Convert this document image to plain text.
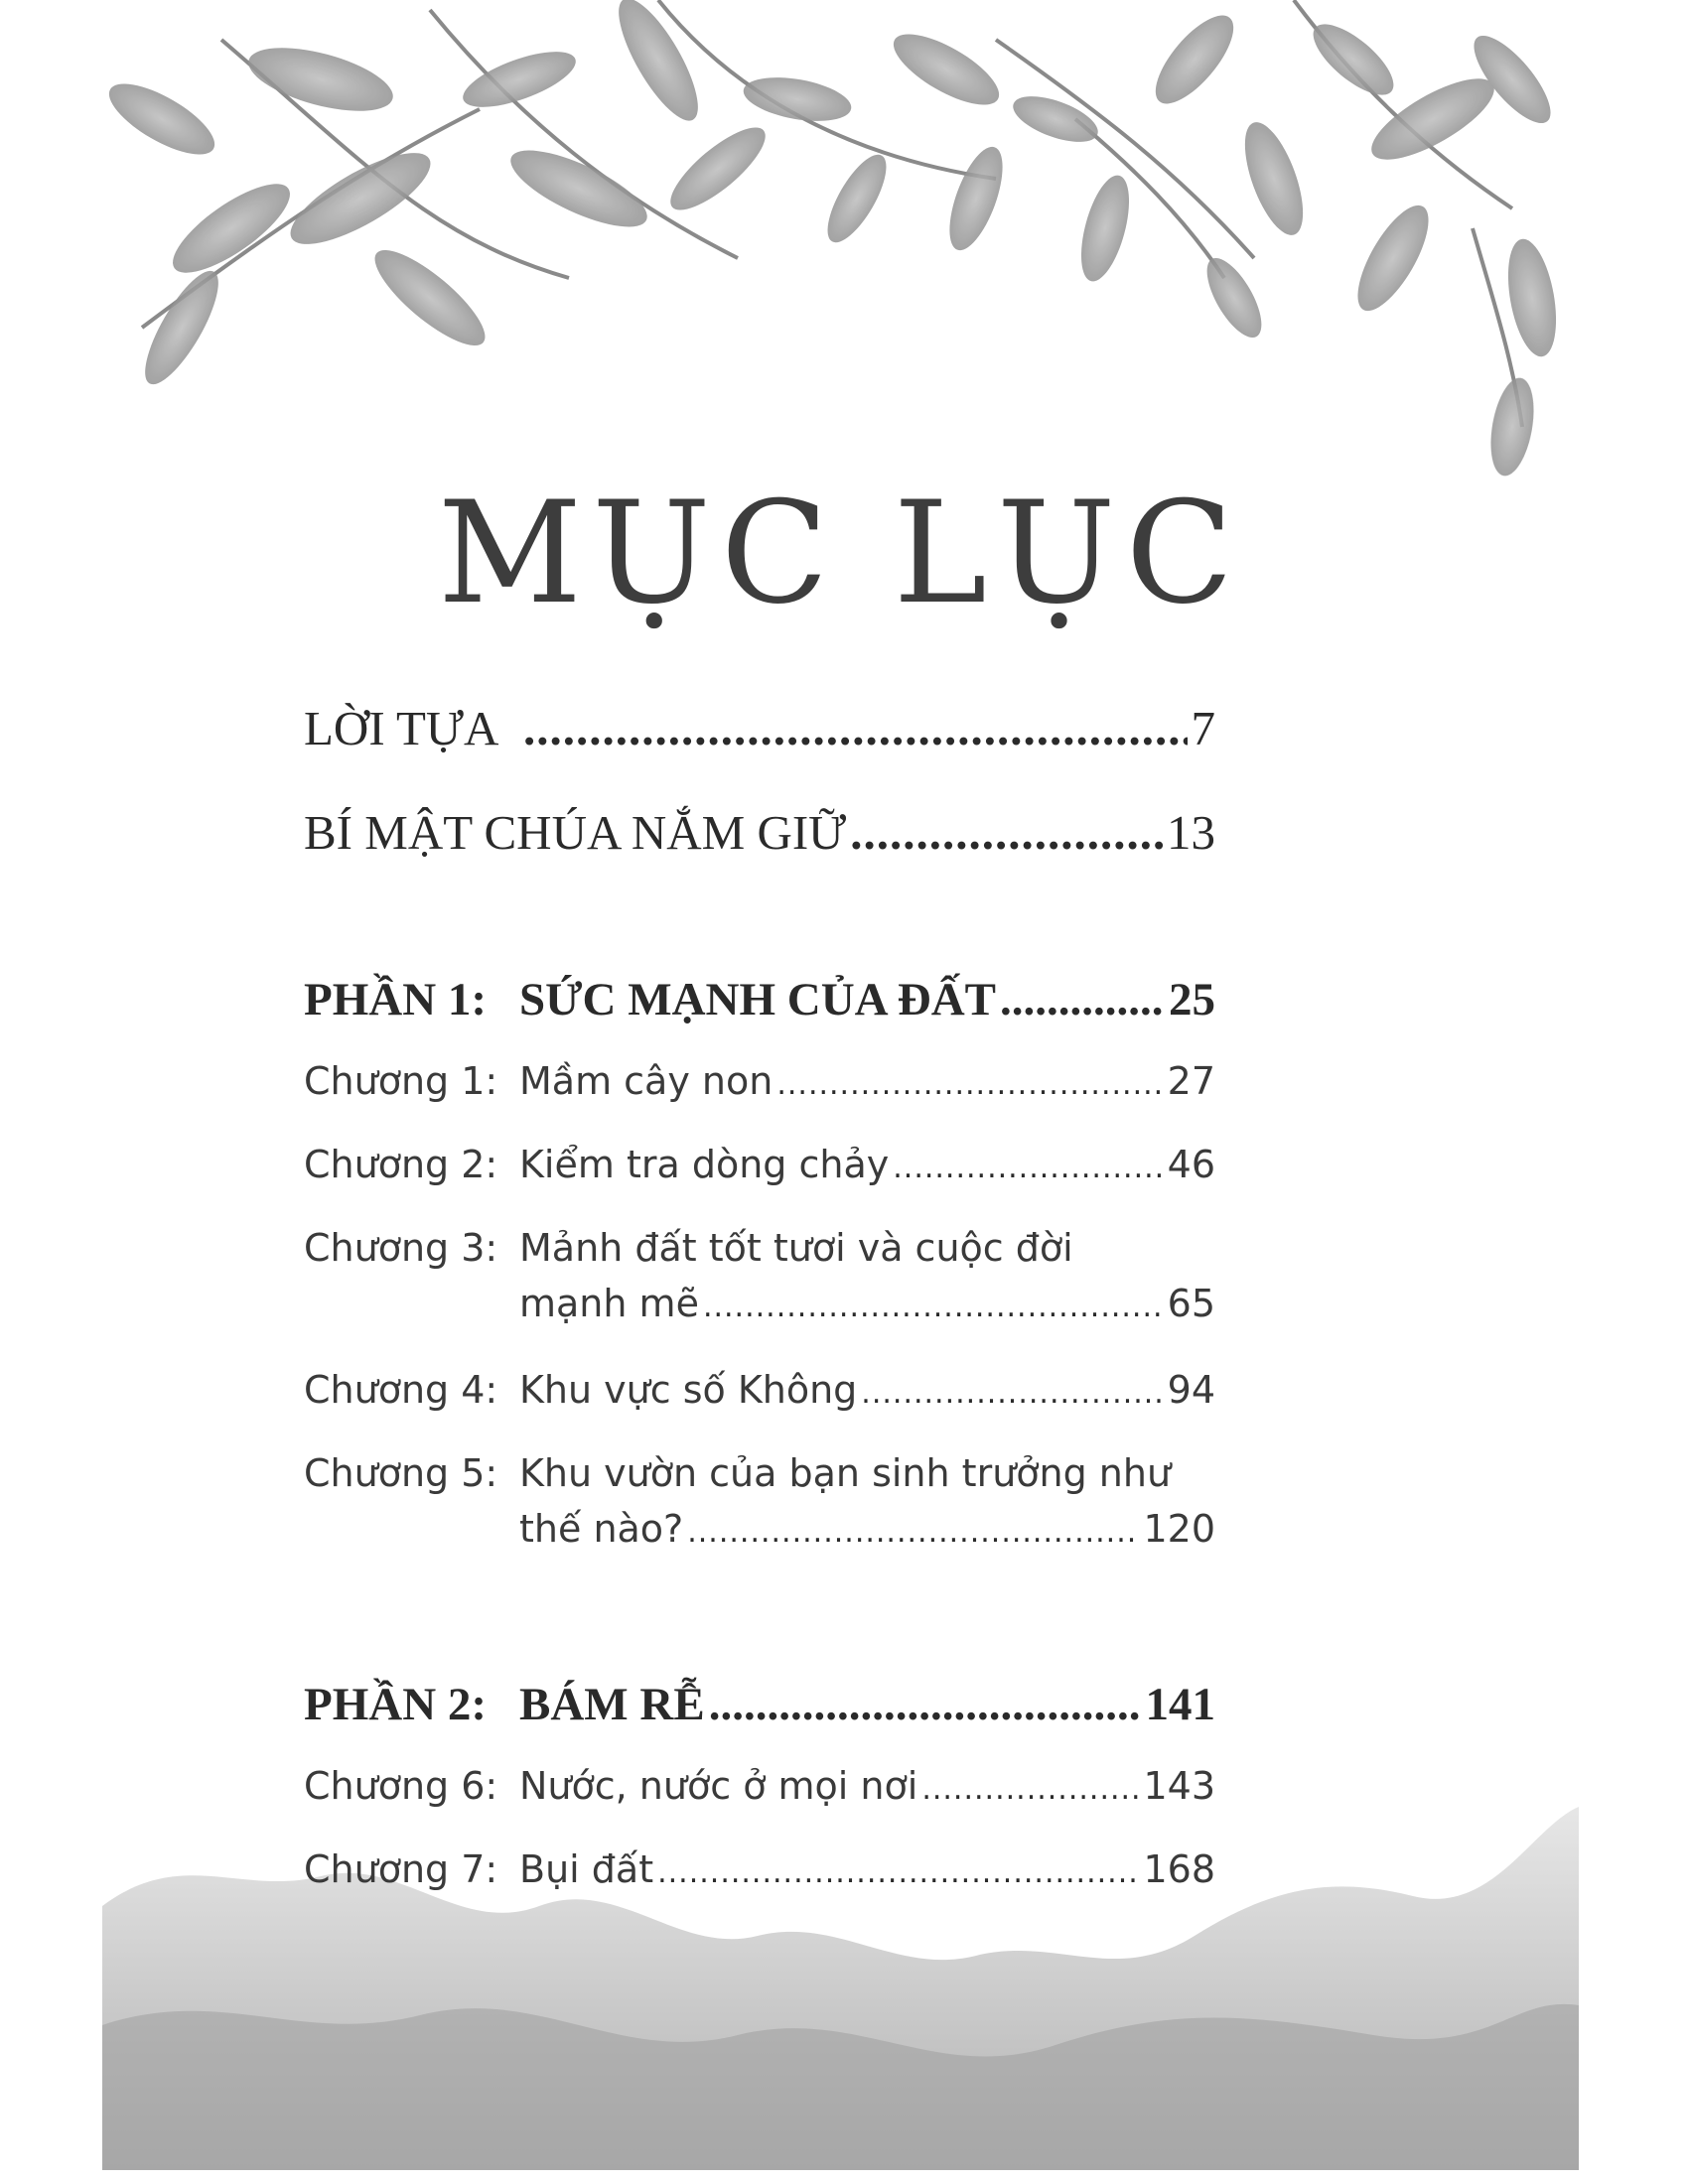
MỤC LỤC
LỜI TỰA .....	7
BÍ MẬT CHÚA NẮM GIỮ .....	13
PHẦN 1: SỨC MẠNH CỦA ĐẤT .....	25
Chương 1: Mầm cây non .....	27
Chương 2: Kiểm tra dòng chảy .....	46
Chương 3: Mảnh đất tốt tươi và cuộc đời
mạnh mẽ .....	65
Chương 4: Khu vực số Không .....	94
Chương 5: Khu vườn của bạn sinh trưởng như
thế nào? .....	120
PHẦN 2: BÁM RỄ .....	141
Chương 6: Nước, nước ở mọi nơi .....	143
Chương 7: Bụi đất .....	168
